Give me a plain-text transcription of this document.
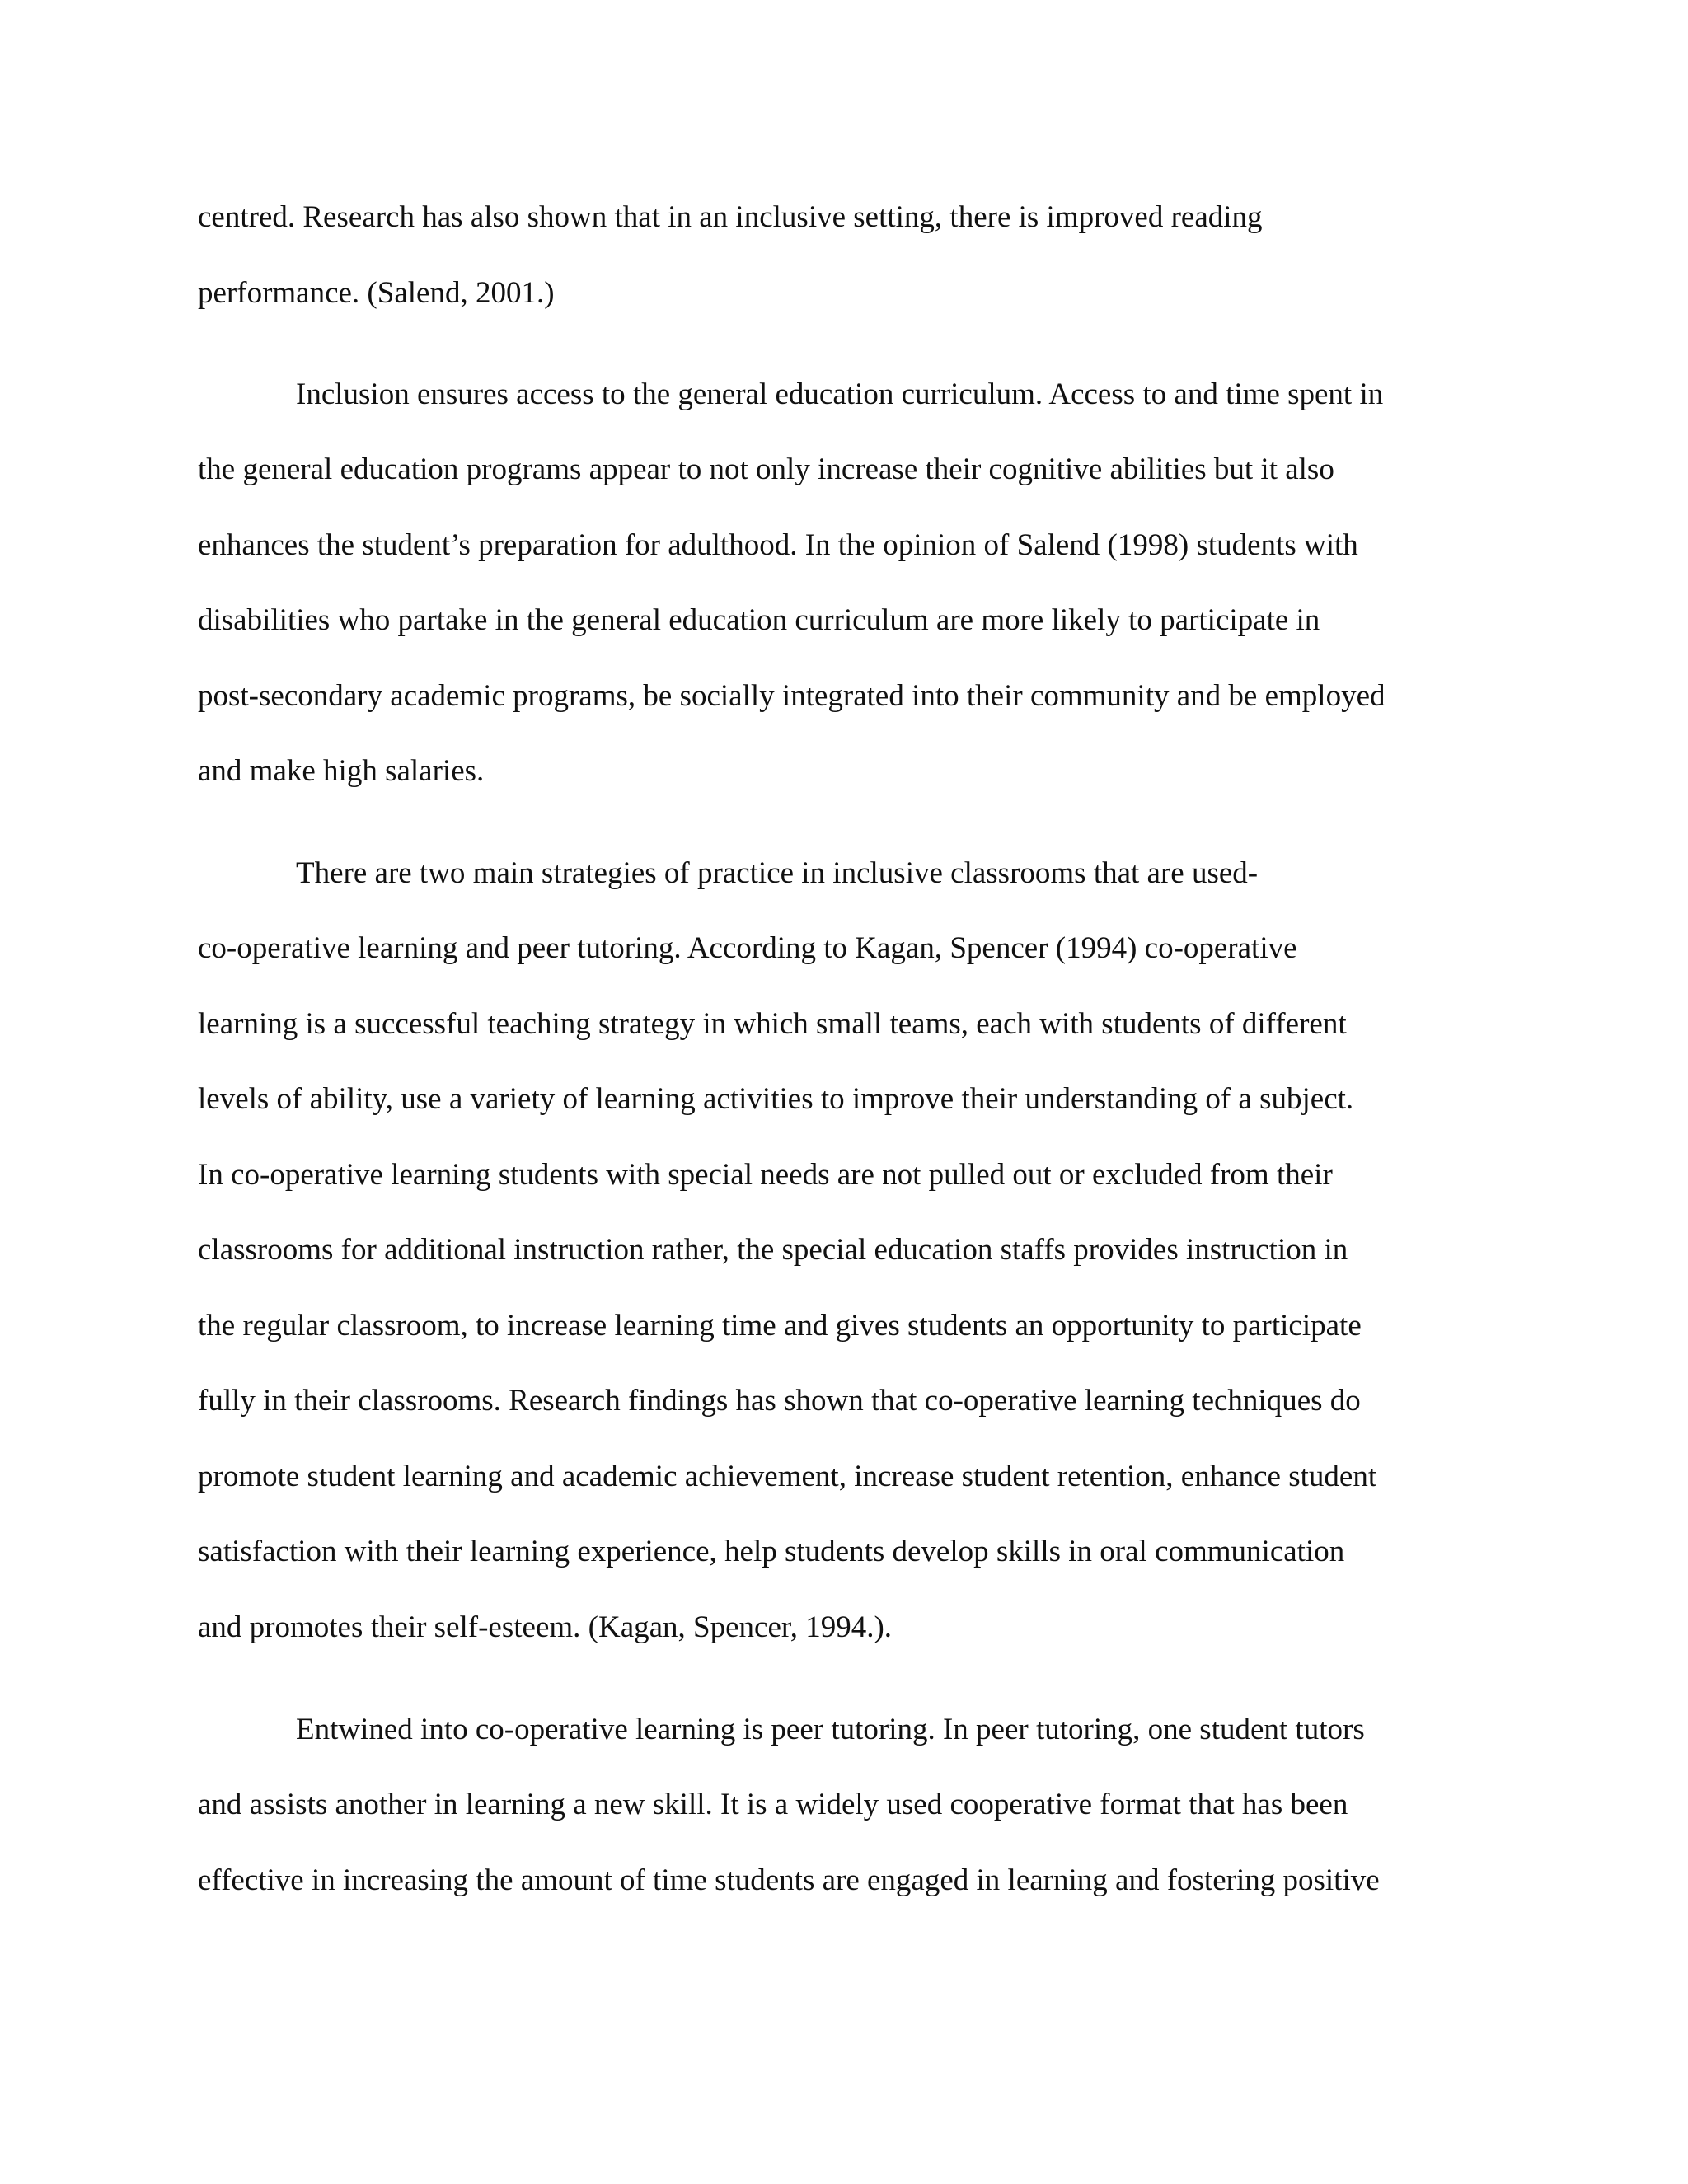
centred. Research has also shown that in an inclusive setting, there is improved reading
performance. (Salend, 2001.)
Inclusion ensures access to the general education curriculum. Access to and time spent in
the general education programs appear to not only increase their cognitive abilities but it also
enhances the student’s preparation for adulthood. In the opinion of Salend (1998) students with
disabilities who partake in the general education curriculum are more likely to participate in
post-secondary academic programs, be socially integrated into their community and be employed
and make high salaries.
There are two main strategies of practice in inclusive classrooms that are used-
co-operative learning and peer tutoring. According to Kagan, Spencer (1994) co-operative
learning is a successful teaching strategy in which small teams, each with students of different
levels of ability, use a variety of learning activities to improve their understanding of a subject.
In co-operative learning students with special needs are not pulled out or excluded from their
classrooms for additional instruction rather, the special education staffs provides instruction in
the regular classroom, to increase learning time and gives students an opportunity to participate
fully in their classrooms. Research findings has shown that co-operative learning techniques do
promote student learning and academic achievement, increase student retention, enhance student
satisfaction with their learning experience, help students develop skills in oral communication
and promotes their self-esteem. (Kagan, Spencer, 1994.).
Entwined into co-operative learning is peer tutoring. In peer tutoring, one student tutors
and assists another in learning a new skill. It is a widely used cooperative format that has been
effective in increasing the amount of time students are engaged in learning and fostering positive
